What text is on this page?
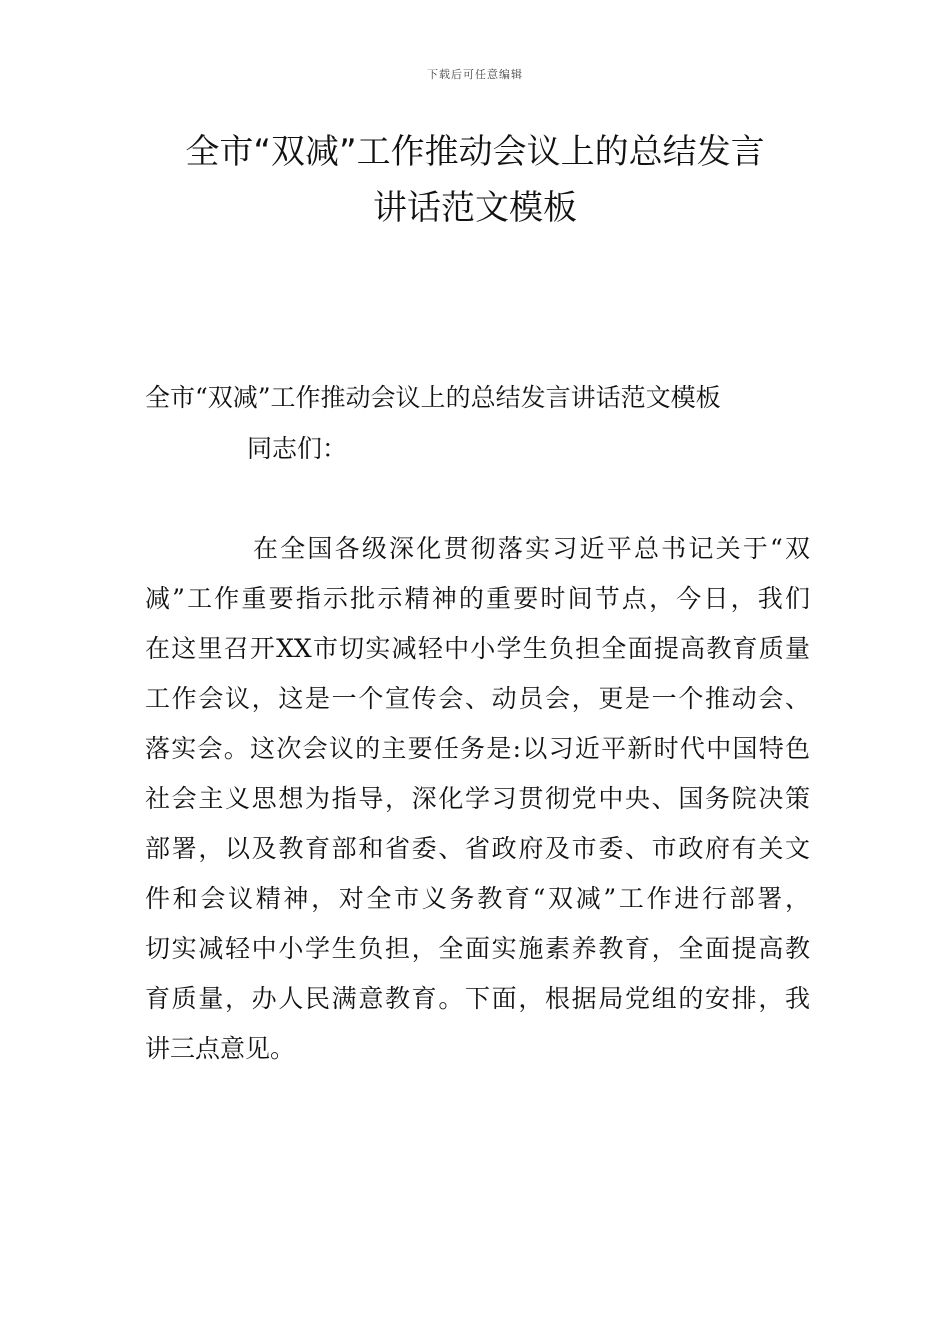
下载后可任意编辑
全市“双减”工作推动会议上的总结发言
讲话范文模板

全市“双减”工作推动会议上的总结发言讲话范文模板

同志们：

在全国各级深化贯彻落实习近平总书记关于“双
减”工作重要指示批示精神的重要时间节点，今日，我们
在这里召开XX市切实减轻中小学生负担全面提高教育质量
工作会议，这是一个宣传会、动员会，更是一个推动会、
落实会。这次会议的主要任务是:以习近平新时代中国特色
社会主义思想为指导，深化学习贯彻党中央、国务院决策
部署，以及教育部和省委、省政府及市委、市政府有关文
件和会议精神，对全市义务教育“双减”工作进行部署，
切实减轻中小学生负担，全面实施素养教育，全面提高教
育质量，办人民满意教育。下面，根据局党组的安排，我
讲三点意见。
